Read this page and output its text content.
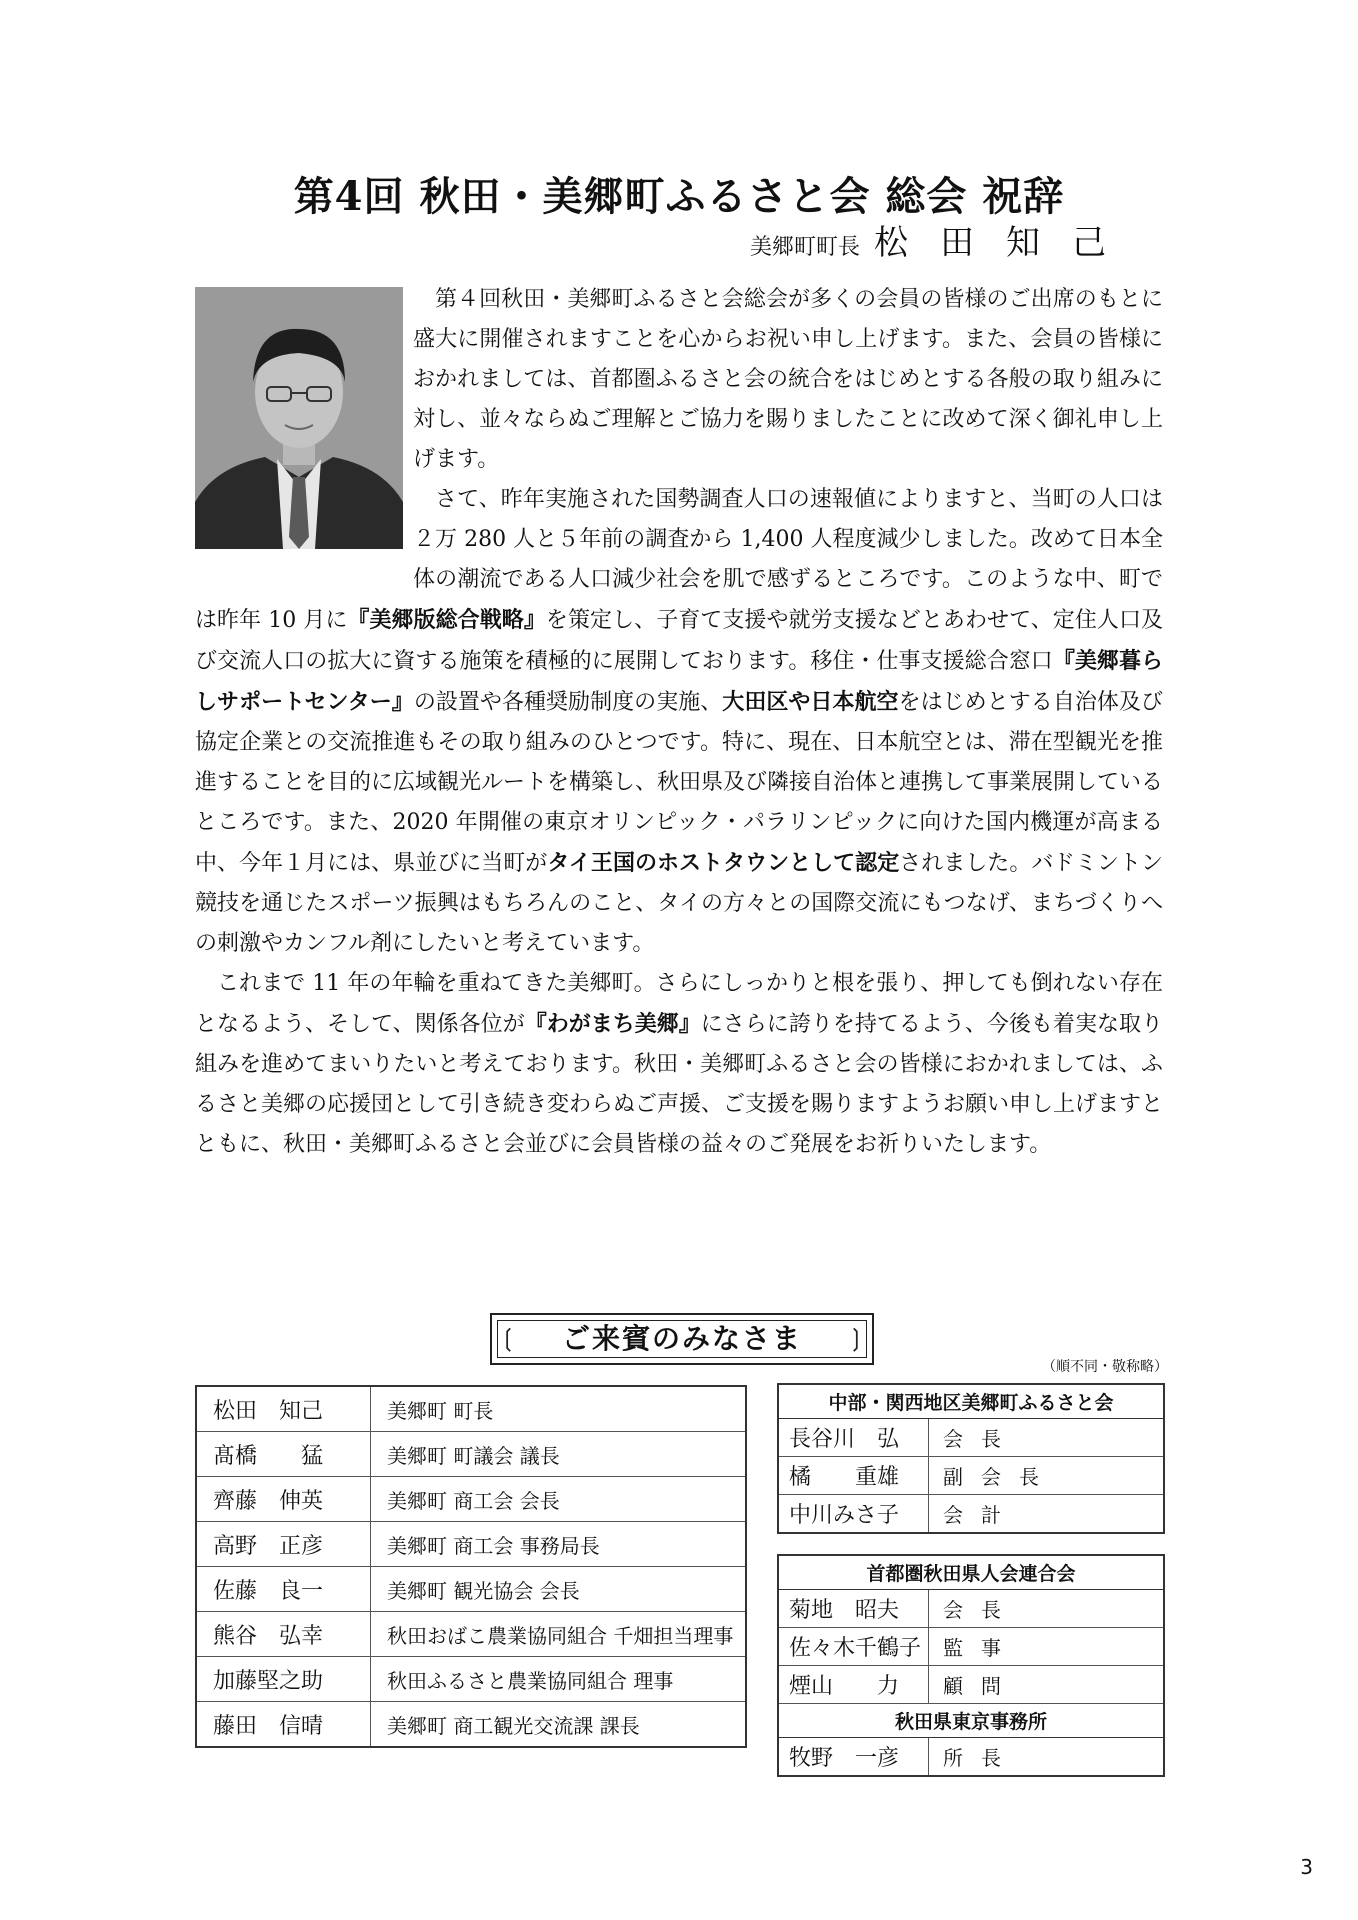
第4回 秋田・美郷町ふるさと会 総会 祝辞
美郷町町長 松田知己

第４回秋田・美郷町ふるさと会総会が多くの会員の皆様のご出席のもとに盛大に開催されますことを心からお祝い申し上げます。また、会員の皆様におかれましては、首都圏ふるさと会の統合をはじめとする各般の取り組みに対し、並々ならぬご理解とご協力を賜りましたことに改めて深く御礼申し上げます。

さて、昨年実施された国勢調査人口の速報値によりますと、当町の人口は２万 280 人と５年前の調査から 1,400 人程度減少しました。改めて日本全体の潮流である人口減少社会を肌で感ずるところです。このような中、町では昨年 10 月に『美郷版総合戦略』を策定し、子育て支援や就労支援などとあわせて、定住人口及び交流人口の拡大に資する施策を積極的に展開しております。移住・仕事支援総合窓口『美郷暮らしサポートセンター』の設置や各種奨励制度の実施、大田区や日本航空をはじめとする自治体及び協定企業との交流推進もその取り組みのひとつです。特に、現在、日本航空とは、滞在型観光を推進することを目的に広域観光ルートを構築し、秋田県及び隣接自治体と連携して事業展開しているところです。また、2020 年開催の東京オリンピック・パラリンピックに向けた国内機運が高まる中、今年１月には、県並びに当町がタイ王国のホストタウンとして認定されました。バドミントン競技を通じたスポーツ振興はもちろんのこと、タイの方々との国際交流にもつなげ、まちづくりへの刺激やカンフル剤にしたいと考えています。

これまで 11 年の年輪を重ねてきた美郷町。さらにしっかりと根を張り、押しても倒れない存在となるよう、そして、関係各位が『わがまち美郷』にさらに誇りを持てるよう、今後も着実な取り組みを進めてまいりたいと考えております。秋田・美郷町ふるさと会の皆様におかれましては、ふるさと美郷の応援団として引き続き変わらぬご声援、ご支援を賜りますようお願い申し上げますとともに、秋田・美郷町ふるさと会並びに会員皆様の益々のご発展をお祈りいたします。

❲	❳
ご来賓のみなさま
（順不同・敬称略）
松田　知己	美郷町 町長
髙橋　　猛	美郷町 町議会 議長
齊藤　伸英	美郷町 商工会 会長
高野　正彦	美郷町 商工会 事務局長
佐藤　良一	美郷町 観光協会 会長
熊谷　弘幸	秋田おばこ農業協同組合 千畑担当理事
加藤堅之助	秋田ふるさと農業協同組合 理事
藤田　信晴	美郷町 商工観光交流課 課長
中部・関西地区美郷町ふるさと会	
長谷川　弘	会長
橘　　重雄	副会長
中川みさ子	会計
首都圏秋田県人会連合会	
菊地　昭夫	会長
佐々木千鶴子	監事
煙山　　力	顧問
秋田県東京事務所	
牧野　一彦	所長
3
